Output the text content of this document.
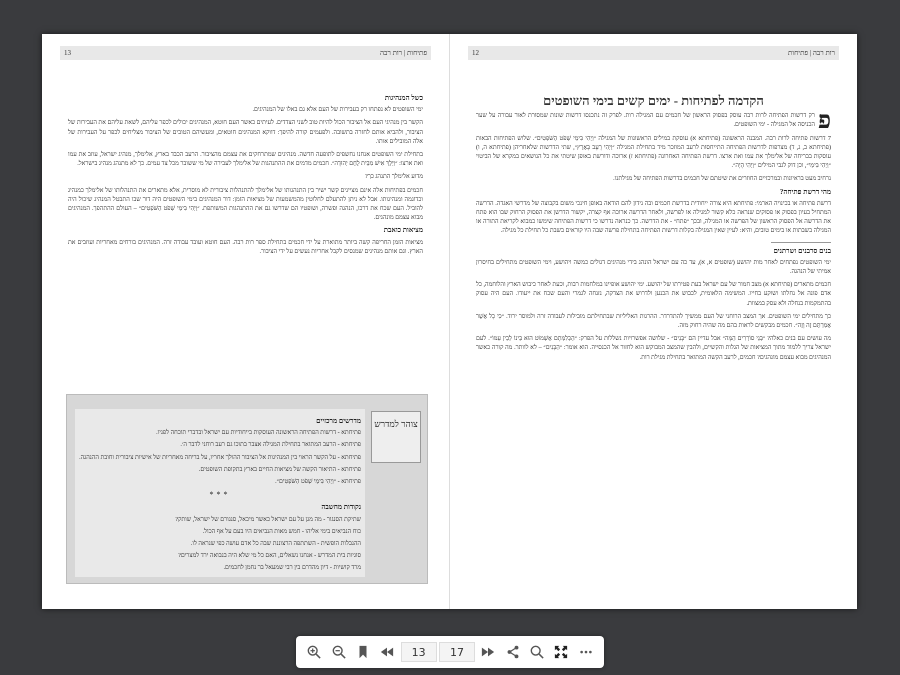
פתיחות | רות רבה
13
כשל המנהיגות

ימי השופטים לא נפתחו רק בעבירות של העם אלא גם באלו של המנהיגים.

הקשר בין מנהיגי העם אל הציבור הכול להיות טוב לשני הצדדים. לעיתים כאשר העם חוטא, המנהיגים יכולים לכפר עליהם, לשאת עליהם את העבירות של הציבור, ולהביא אותם לחזרה בתשובה. ולפעמים קורה להיפך: דווקא המנהיגים חוטאים, ומעשיהם הטובים של הציבור מצליחים לכפר על העבירות של אלה המובילים אותו.

בתחילת ימי השופטים אנחנו נחשפים לתופעה חדשה. מנהיגים שמתרחקים את עצמם מהציבור. הרעב הכבד בארץ, אלימלך, מנהיג ישראל, עוזב את עמו ואת ארצו: ״וַיֵּלֶךְ אִישׁ מִבֵּית לֶחֶם יְהוּדָה״. חכמים מדמים את ההתנהגות של אלימלך לעבירה של מי ששובר מכל צד עמים. כך לא מתנהג מנהיג בישראל.

מדוע אלימלך התנהג כך?

חכמים בפתיחות אלה אינם מציינים קשר ישיר בין התנהגותו של אלימלך להתנהלות ציבורית לא מוסרית, אלא מתארים את התנהלותו של אלימלך כמנהיג וכדוגמה ומנהיגותו. אבל לא ניתן להתעלם לחלוטין מהמשמעות של מציאות הזמן: דור המנהיגים בימי השופטים היה דור שבו התבטל המנהיג שיכול היה להוביל. העם שכח את דרכו, הנהגה ופשרה, ושופטיו הם שדרשו גם את ההתנהגות המשותפת. ״וַיְהִי בִּימֵי שְׁפֹט הַשֹּׁפְטִים״ – העולם ההתהפך. המנהיגים מבוא עצמם מונהגים.

מציאות כואבת

מציאות הזמן החריפה קשה ביותר מתוארת על ידי חכמים בתחילת ספר רות רבה. העם חוטא ועובד עבודה זרה. המנהיגים בורחים מאחריות ועוזבים את הארץ. וגם אותם מנהיגים שמנסים לקבל אחריות נעשים על ידי הציבור.

צוהר למדרש
מדרשים מרכזיים

פתיחתא - דרשות הפתיחה הראשונה העוסקות בייחודיות עם ישראל ובדברי תוכחה לפניו.

פתיחתא - הרעב המתואר בתחילת המגילה אצבר בתוכו גם רעב רוחני לדבר ה׳.

פתיחתא - על הקשר הראוי בין המנהיגות אל הציבור ההולך אחריו, על בריחה מאחריות של אישיות ציבורית וחובת ההנהגה.

פתיחתא - התיאור הקשה של מציאות החיים בארץ בתקופת השופטים.

פתיחתא - ״וַיְהִי בִּימֵי שְׁפֹט הַשֹּׁפְטִים״.

***
נקודות מחשבה

שתיקת הסנגור - מה מגן על עם ישראל כאשר מיכאל, סנגורם של ישראל, שותק?

כוח הנביאים בימי אליהו - חמש מאות הנביאים היו בעם על אף הכול.

ההנבלות הופשית - השתתפה הרצוננת שבה כל אדם עושה כפי שנראה לו.

סוגיות בית המדרש - אנחנו נשאלים, האם כל מי שלא היה בנבואה ירד למצרים?

מרד קושיות - דיון מהדרם בין רבי שמעאל בר נחמן לחכמים.

רות רבה | פתיחות
12
הקדמה לפתיחות - ימים קשים בימי השופטים

פ
רק דרשות הפתיחה לרות רבה עוסק בפסוק הראשון של חכמים עם המגילה רות. לפרק זה נתכנסו דרשות שונות שמסורת לאור עבורה על שער הכניסה אל המגילה - ימי השופטים.

7 דרשות פתיחה לרות רבה. המבנה הראשונה (פתיחתא א) עוסקת במילים הראשונות של המגילה ״וַיְהִי בִּימֵי שְׁפֹט הַשֹּׁפְטִים״. שלוש הפתיחות הבאות (פתיחתא ב, ג, ד) מצרפות לדרשות הפתיחה התייחסות לרעב המוזכר מיד בתחילת המגילה ״וַיְהִי רָעָב בָּאָרֶץ״, שתי הדרשות שלאחריהן (פתיחתא ה, ו) עוסקות בבריחה של אלימלך את עמו ואת ארצו. דרשת הפתיחה האחרונה (פתיחתא ז) ארוכה ודורשת באופן שיטתי את כל הנושאים במקרא של הביטוי ״וַיְהִי בִּימֵי״, וכן דוק לגבי המילים ״וַיְהִי הָיָה״.

נרחיב מעט בראיונות ובמרכזיים החוזרים את שיטתם של חכמים בדרשות הפתיחה של מגילתנו.

מהי דרשת פתיחה?

דרשת פתיחה או בכינויה הארמי: פתיחתא היא צורה ייחודית בדרשת חכמים ובה נידון להם הודאה באופן חינכי משום בקבוצה של מדרשי האגדה. הדרשה המתחיל בעיון בפסוק או פסוקים שנראה כלא קשור למגילה או לפרשה, ולאחר הדרשה ארוכה אף קצרה, יקשור הדרשן את הפסוק הרחוק שבו הוא פתח את הדרשה אל הפסוק הראשון של הפרשה או המגילה, ובכך ״פתח״ - את הדרשה. כך כנראה נדרשו כי דרשות הפתיחה שימשו כמבוא לקריאת התורה או המגילה בשבתות או בימים טובים, והיא: לעיין שאין המגילה בקלות דרשות הפתיחה בתחילת פרשה שבה היו קוראים בשבת כל תחילת כל מגילה.

בנים סרבנים ושרתנים

ימי השופטים נפתחים לאחר מות יהושע (שופטים א, א), עד כה עם ישראל הונהג בידי מנהיגים דגולים כמשה ויהושע, וימי השופטים מתחילים בחיסרון אמיתי של הנהגה.

חכמים מתארים (פתיחתא א) מצב חמור של עם ישראל בעת פטירתו של יהושע. ימי יהושע אופיינו במלחמות רבות, וכעת לאחר כיבוש הארץ והלוחמה, כל אדם פונה אל נחלתו ושוקע בחייו. המשימה הלאומית, לכבוש את הכנען ולדרוש את הצדקה, נזנחה לגמרי והעם שכח את ייעודו. העם היה עסוק בהתמקמות בנחלה ולא עסק במצוות.

כך מתחילים ימי השופטים. אך המצב הרוחני של העם ממשיך להתדרדר. ההרגות האליליות שבתחילתם מובילות לעבודה זרה ולמוסר ירוד. ״כִּי כָל אֲשֶׁר אֲמַרְתֶּם זֶה וָזֶה״. חכמים מבקשים לראות בהם מה שהיה רחוק מזה.

מה עושים עם בנים כאלה? ״בְּנֵי סוֹרְרִים הֵמָּה״ אבל עדיין הם ״בָּנִים״ - שלושה אפשרויות נשללות על הפרק: ״הַכְּלִמְּתָם אֶשְׁמוֹט הוּא בֵּינוֹ לְבֵין עַמּוֹ״. לעם ישראל צריך ללמוד מתוך המציאות של הגלות והקשיים, ולהבין שהמצב המבוקש הוא לחזור אל הכנסייה. הוא אומר: ״הַבָּנִים״ – לא לוותר. מה קורה כאשר המנהיגים מבוא עצמם מונהגים? חכמים, לרעב הקשה המתואר בתחילת מגילת רות.

13	17
